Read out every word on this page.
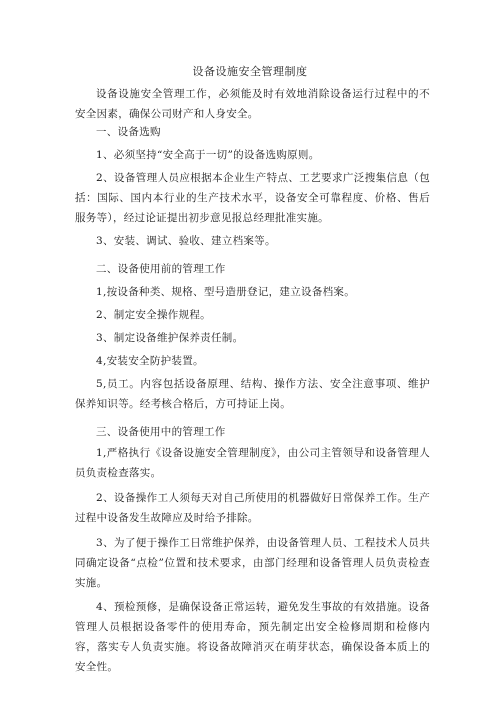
设备设施安全管理制度
设备设施安全管理工作，必须能及时有效地消除设备运行过程中的不安全因素，确保公司财产和人身安全。
一、设备选购
1、必须坚持“安全高于一切”的设备选购原则。
2、设备管理人员应根据本企业生产特点、工艺要求广泛搜集信息（包括：国际、国内本行业的生产技术水平，设备安全可靠程度、价格、售后服务等），经过论证提出初步意见报总经理批准实施。
3、安装、调试、验收、建立档案等。
二、设备使用前的管理工作
1,按设备种类、规格、型号造册登记，建立设备档案。
2、制定安全操作规程。
3、制定设备维护保养责任制。
4,安装安全防护装置。
5,员工。内容包括设备原理、结构、操作方法、安全注意事项、维护保养知识等。经考核合格后，方可持证上岗。
三、设备使用中的管理工作
1,严格执行《设备设施安全管理制度》，由公司主管领导和设备管理人员负责检查落实。
2、设备操作工人须每天对自己所使用的机器做好日常保养工作。生产过程中设备发生故障应及时给予排除。
3、为了便于操作工日常维护保养，由设备管理人员、工程技术人员共同确定设备“点检”位置和技术要求，由部门经理和设备管理人员负责检查实施。
4、预检预修，是确保设备正常运转，避免发生事故的有效措施。设备管理人员根据设备零件的使用寿命，预先制定出安全检修周期和检修内容，落实专人负责实施。将设备故障消灭在萌芽状态，确保设备本质上的安全性。
